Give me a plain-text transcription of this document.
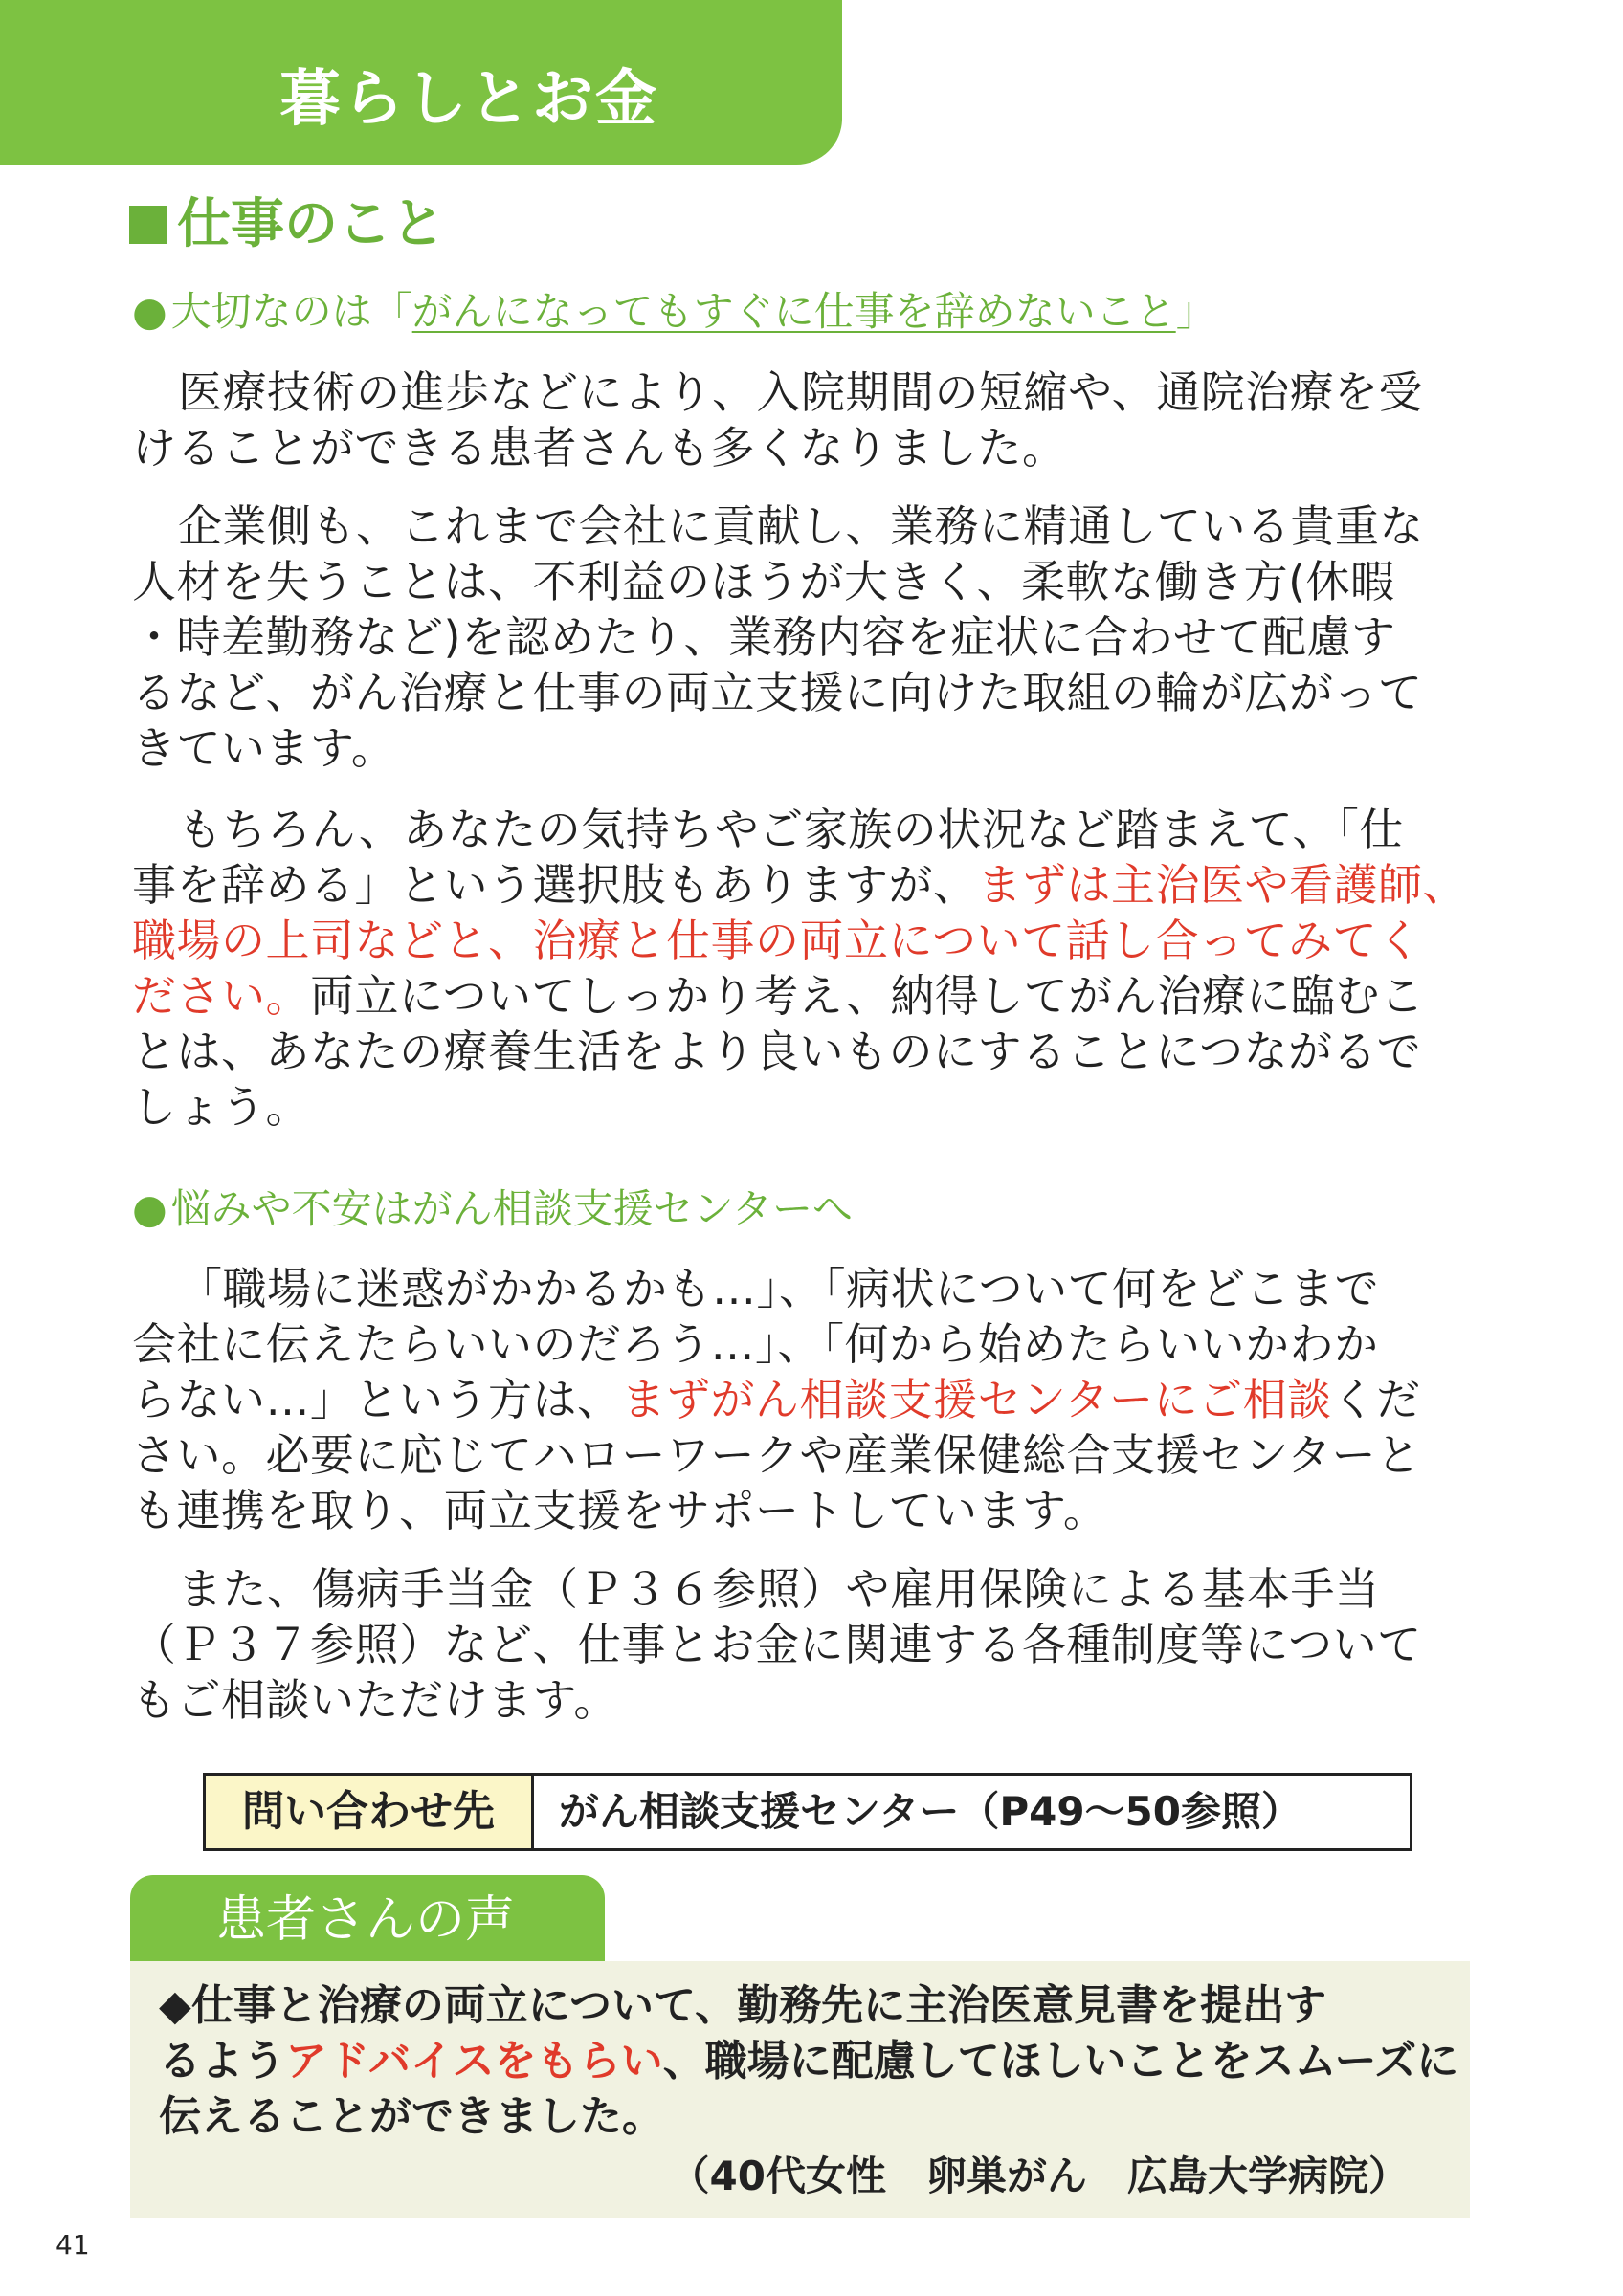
暮らしとお金
仕事のこと
●大切なのは「がんになってもすぐに仕事を辞めないこと」
医療技術の進歩などにより、入院期間の短縮や、通院治療を受
けることができる患者さんも多くなりました。
企業側も、これまで会社に貢献し、業務に精通している貴重な
人材を失うことは、不利益のほうが大きく、柔軟な働き方(休暇
・時差勤務など)を認めたり、業務内容を症状に合わせて配慮す
るなど、がん治療と仕事の両立支援に向けた取組の輪が広がって
きています。
もちろん、あなたの気持ちやご家族の状況など踏まえて、「仕
事を辞める」という選択肢もありますが、まずは主治医や看護師、
職場の上司などと、治療と仕事の両立について話し合ってみてく
ださい。両立についてしっかり考え、納得してがん治療に臨むこ
とは、あなたの療養生活をより良いものにすることにつながるで
しょう。
●悩みや不安はがん相談支援センターへ
「職場に迷惑がかかるかも…」、「病状について何をどこまで
会社に伝えたらいいのだろう…」、「何から始めたらいいかわか
らない…」という方は、まずがん相談支援センターにご相談くだ
さい。必要に応じてハローワークや産業保健総合支援センターと
も連携を取り、両立支援をサポートしています。
また、傷病手当金（Ｐ３６参照）や雇用保険による基本手当
（Ｐ３７参照）など、仕事とお金に関連する各種制度等について
もご相談いただけます。
問い合わせ先	がん相談支援センター（P49～50参照）
患者さんの声
◆仕事と治療の両立について、勤務先に主治医意見書を提出す
るようアドバイスをもらい、職場に配慮してほしいことをスムーズに
伝えることができました。
（40代女性　卵巣がん　広島大学病院）
41
